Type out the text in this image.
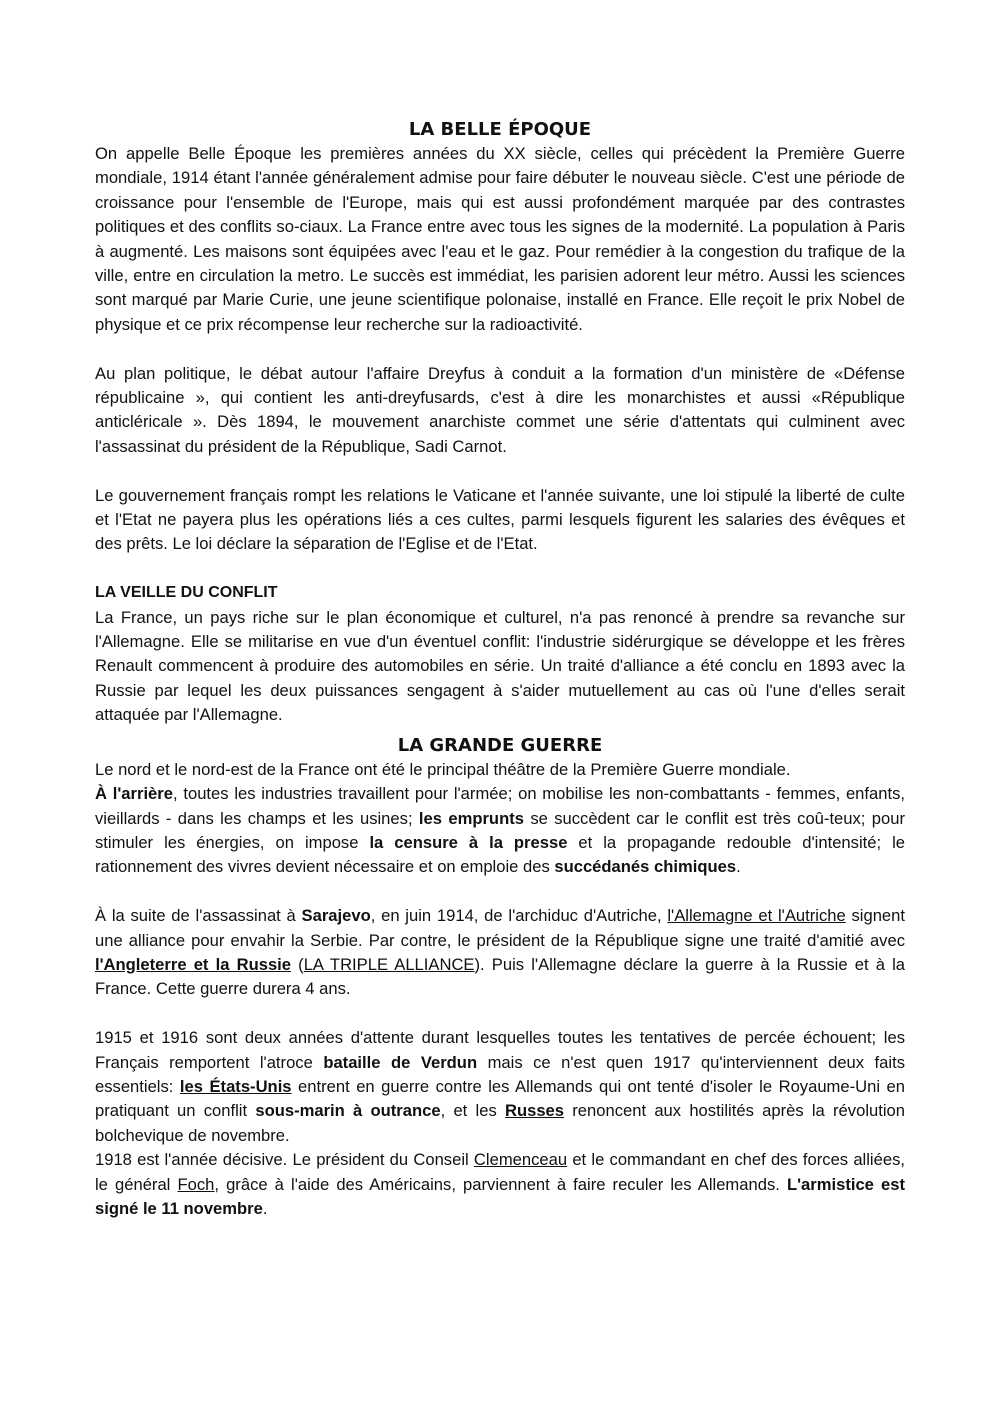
LA BELLE ÉPOQUE

On appelle Belle Époque les premières années du XX siècle, celles qui précèdent la Première Guerre mondiale, 1914 étant l'année généralement admise pour faire débuter le nouveau siècle. C'est une période de croissance pour l'ensemble de l'Europe, mais qui est aussi profondément marquée par des contrastes politiques et des conflits so-ciaux. La France entre avec tous les signes de la modernité. La population à Paris à augmenté. Les maisons sont équipées avec l'eau et le gaz. Pour remédier à la congestion du trafique de la ville, entre en circulation la metro. Le succès est immédiat, les parisien adorent leur métro. Aussi les sciences sont marqué par Marie Curie, une jeune scientifique polonaise, installé en France. Elle reçoit le prix Nobel de physique et ce prix récompense leur recherche sur la radioactivité.

Au plan politique, le débat autour l'affaire Dreyfus à conduit a la formation d'un ministère de «Défense républicaine », qui contient les anti-dreyfusards, c'est à dire les monarchistes et aussi «République anticléricale ». Dès 1894, le mouvement anarchiste commet une série d'attentats qui culminent avec l'assassinat du président de la République, Sadi Carnot.

Le gouvernement français rompt les relations le Vaticane et l'année suivante, une loi stipulé la liberté de culte et l'Etat ne payera plus les opérations liés a ces cultes, parmi lesquels figurent les salaries des évêques et des prêts. Le loi déclare la séparation de l'Eglise et de l'Etat.

LA VEILLE DU CONFLIT

La France, un pays riche sur le plan économique et culturel, n'a pas renoncé à prendre sa revanche sur l'Allemagne. Elle se militarise en vue d'un éventuel conflit: l'industrie sidérurgique se développe et les frères Renault commencent à produire des automobiles en série. Un traité d'alliance a été conclu en 1893 avec la Russie par lequel les deux puissances sengagent à s'aider mutuellement au cas où l'une d'elles serait attaquée par l'Allemagne.

LA GRANDE GUERRE

Le nord et le nord-est de la France ont été le principal théâtre de la Première Guerre mondiale.

À l'arrière, toutes les industries travaillent pour l'armée; on mobilise les non-combattants - femmes, enfants, vieillards - dans les champs et les usines; les emprunts se succèdent car le conflit est très coû-teux; pour stimuler les énergies, on impose la censure à la presse et la propagande redouble d'intensité; le rationnement des vivres devient nécessaire et on emploie des succédanés chimiques.

À la suite de l'assassinat à Sarajevo, en juin 1914, de l'archiduc d'Autriche, l'Allemagne et l'Autriche signent une alliance pour envahir la Serbie. Par contre, le président de la République signe une traité d'amitié avec l'Angleterre et la Russie (LA TRIPLE ALLIANCE). Puis l'Allemagne déclare la guerre à la Russie et à la France. Cette guerre durera 4 ans.

1915 et 1916 sont deux années d'attente durant lesquelles toutes les tentatives de percée échouent; les Français remportent l'atroce bataille de Verdun mais ce n'est quen 1917 qu'interviennent deux faits essentiels: les États-Unis entrent en guerre contre les Allemands qui ont tenté d'isoler le Royaume-Uni en pratiquant un conflit sous-marin à outrance, et les Russes renoncent aux hostilités après la révolution bolchevique de novembre.

1918 est l'année décisive. Le président du Conseil Clemenceau et le commandant en chef des forces alliées, le général Foch, grâce à l'aide des Américains, parviennent à faire reculer les Allemands. L'armistice est signé le 11 novembre.
